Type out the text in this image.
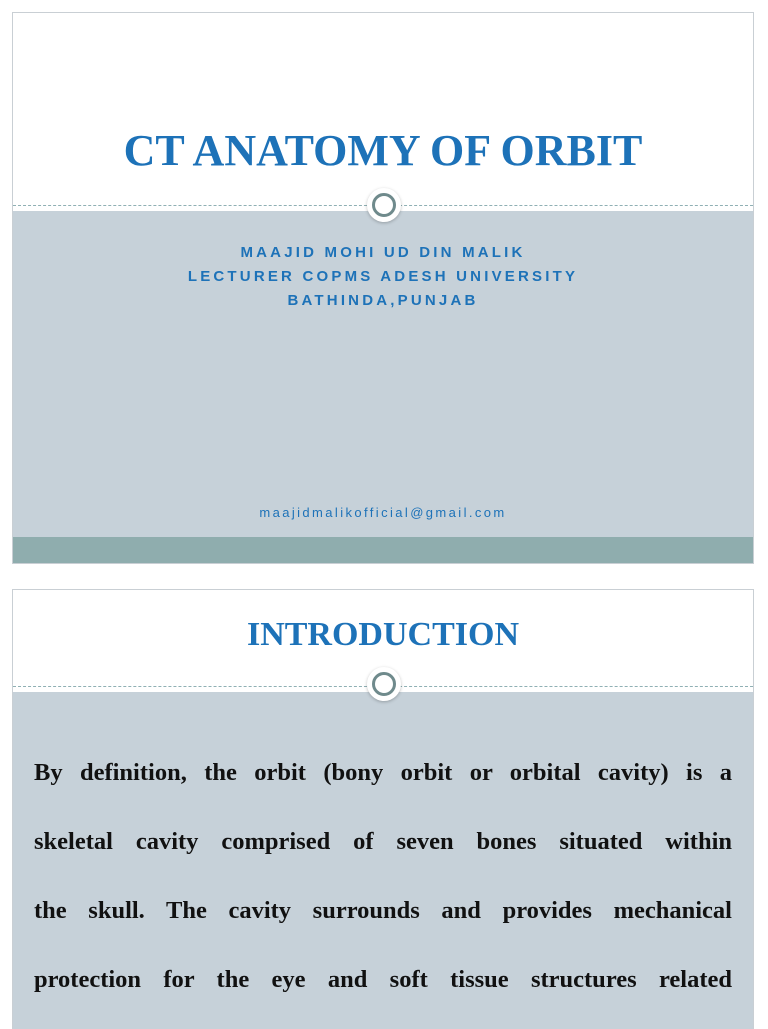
CT ANATOMY OF ORBIT
MAAJID MOHI UD DIN MALIK
LECTURER COPMS ADESH UNIVERSITY
BATHINDA,PUNJAB
maajidmalikofficial@gmail.com
INTRODUCTION
By definition, the orbit (bony orbit or orbital cavity) is a
skeletal cavity comprised of seven bones situated within
the skull. The cavity surrounds and provides mechanical
protection for the eye and soft tissue structures related
